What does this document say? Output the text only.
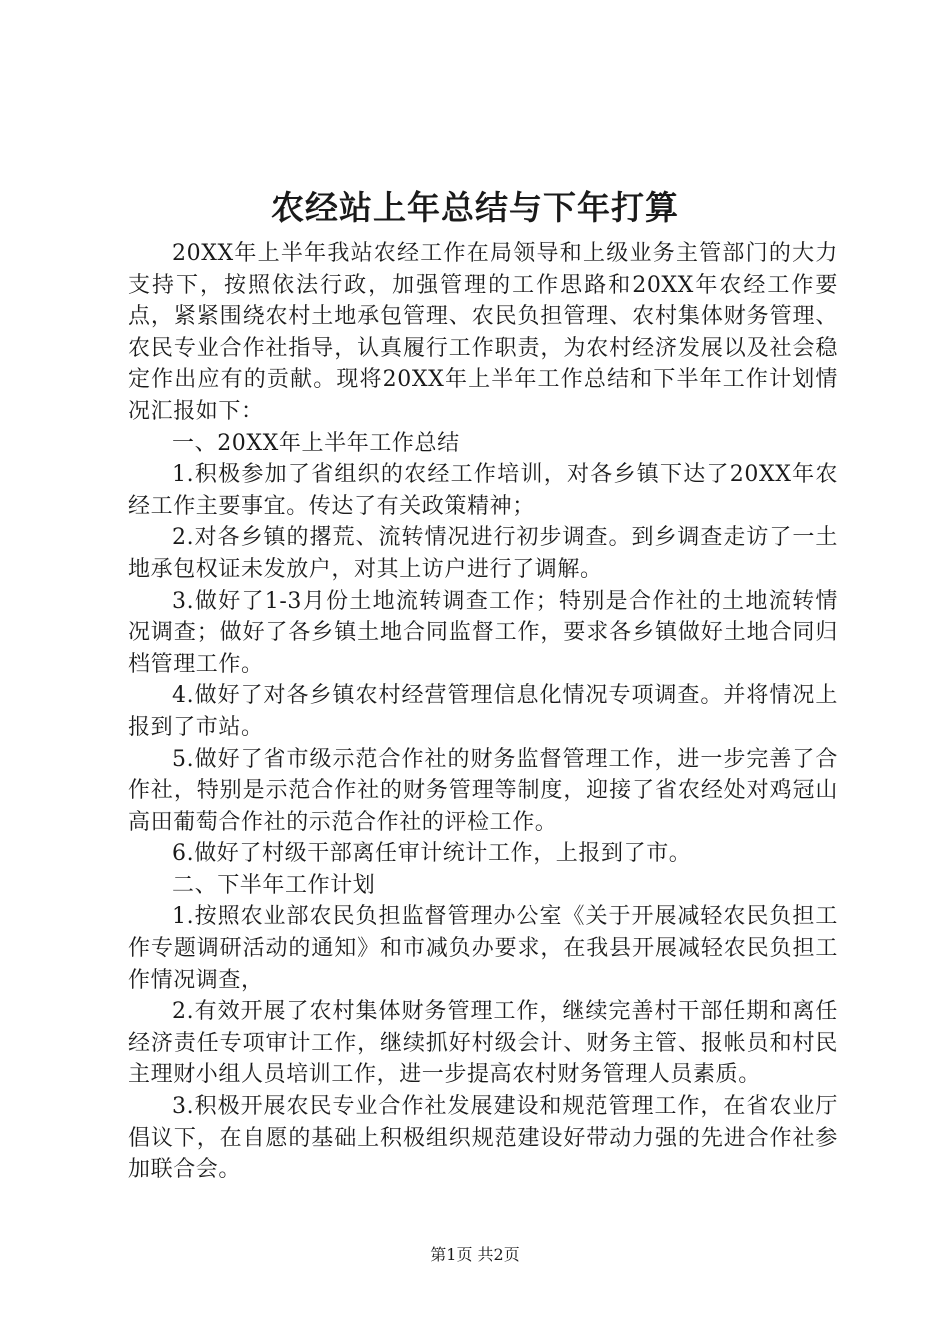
农经站上年总结与下年打算

20XX年上半年我站农经工作在局领导和上级业务主管部门的大力支持下，按照依法行政，加强管理的工作思路和20XX年农经工作要点，紧紧围绕农村土地承包管理、农民负担管理、农村集体财务管理、农民专业合作社指导，认真履行工作职责，为农村经济发展以及社会稳定作出应有的贡献。现将20XX年上半年工作总结和下半年工作计划情况汇报如下：

一、20XX年上半年工作总结

1.积极参加了省组织的农经工作培训，对各乡镇下达了20XX年农经工作主要事宜。传达了有关政策精神；

2.对各乡镇的撂荒、流转情况进行初步调查。到乡调查走访了一土地承包权证未发放户，对其上访户进行了调解。

3.做好了1-3月份土地流转调查工作；特别是合作社的土地流转情况调查；做好了各乡镇土地合同监督工作，要求各乡镇做好土地合同归档管理工作。

4.做好了对各乡镇农村经营管理信息化情况专项调查。并将情况上报到了市站。

5.做好了省市级示范合作社的财务监督管理工作，进一步完善了合作社，特别是示范合作社的财务管理等制度，迎接了省农经处对鸡冠山高田葡萄合作社的示范合作社的评检工作。

6.做好了村级干部离任审计统计工作，上报到了市。

二、下半年工作计划

1.按照农业部农民负担监督管理办公室《关于开展减轻农民负担工作专题调研活动的通知》和市减负办要求，在我县开展减轻农民负担工作情况调查，

2.有效开展了农村集体财务管理工作，继续完善村干部任期和离任经济责任专项审计工作，继续抓好村级会计、财务主管、报帐员和村民主理财小组人员培训工作，进一步提高农村财务管理人员素质。

3.积极开展农民专业合作社发展建设和规范管理工作，在省农业厅倡议下，在自愿的基础上积极组织规范建设好带动力强的先进合作社参加联合会。

第1页 共2页
